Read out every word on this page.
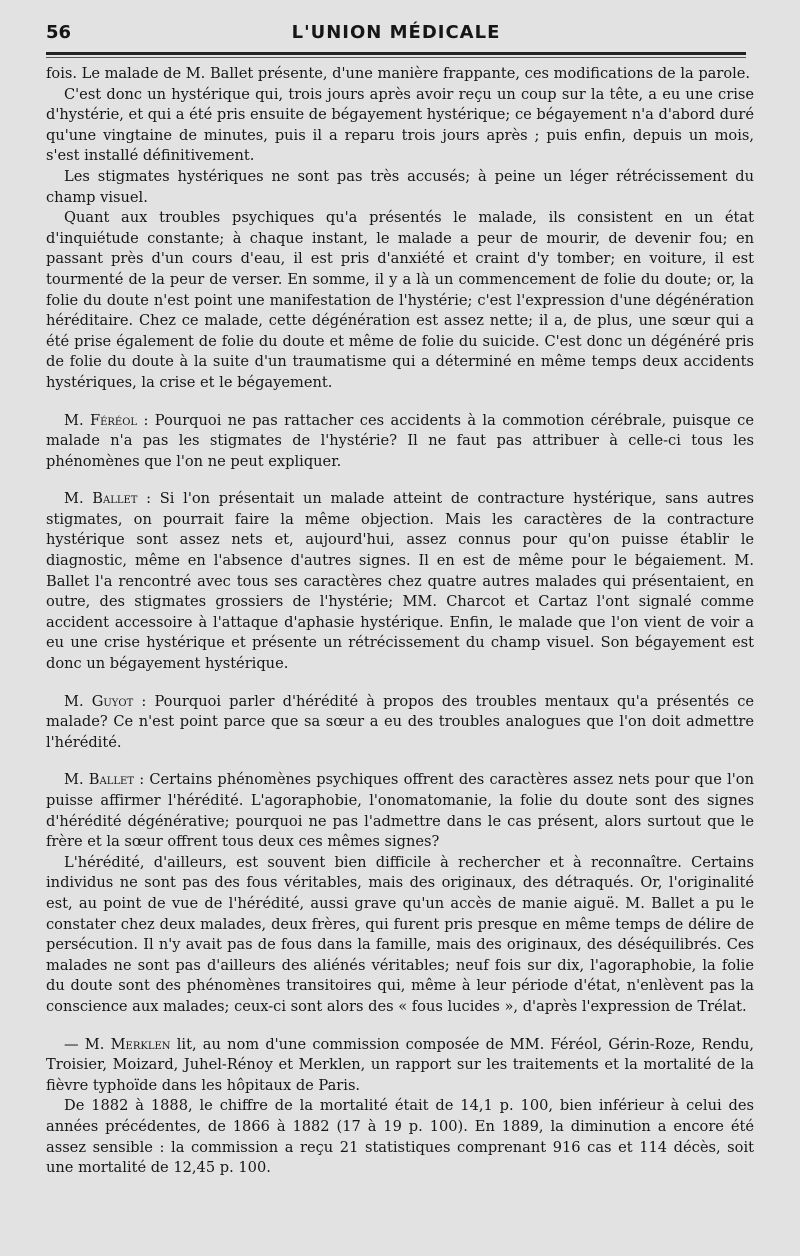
56	L'UNION MÉDICALE

fois. Le malade de M. Ballet présente, d'une manière frappante, ces modifications de la parole.

C'est donc un hystérique qui, trois jours après avoir reçu un coup sur la tête, a eu une crise d'hystérie, et qui a été pris ensuite de bégayement hystérique; ce bégayement n'a d'abord duré qu'une vingtaine de minutes, puis il a reparu trois jours après ; puis enfin, depuis un mois, s'est installé définitivement.

Les stigmates hystériques ne sont pas très accusés; à peine un léger rétrécissement du champ visuel.

Quant aux troubles psychiques qu'a présentés le malade, ils consistent en un état d'inquiétude constante; à chaque instant, le malade a peur de mourir, de devenir fou; en passant près d'un cours d'eau, il est pris d'anxiété et craint d'y tomber; en voiture, il est tourmenté de la peur de verser. En somme, il y a là un commencement de folie du doute; or, la folie du doute n'est point une manifestation de l'hystérie; c'est l'expression d'une dégénération héréditaire. Chez ce malade, cette dégénération est assez nette; il a, de plus, une sœur qui a été prise également de folie du doute et même de folie du suicide. C'est donc un dégénéré pris de folie du doute à la suite d'un traumatisme qui a déterminé en même temps deux accidents hystériques, la crise et le bégayement.

M. Féréol : Pourquoi ne pas rattacher ces accidents à la commotion cérébrale, puisque ce malade n'a pas les stigmates de l'hystérie? Il ne faut pas attribuer à celle-ci tous les phénomènes que l'on ne peut expliquer.

M. Ballet : Si l'on présentait un malade atteint de contracture hystérique, sans autres stigmates, on pourrait faire la même objection. Mais les caractères de la contracture hystérique sont assez nets et, aujourd'hui, assez connus pour qu'on puisse établir le diagnostic, même en l'absence d'autres signes. Il en est de même pour le bégaiement. M. Ballet l'a rencontré avec tous ses caractères chez quatre autres malades qui présentaient, en outre, des stigmates grossiers de l'hystérie; MM. Charcot et Cartaz l'ont signalé comme accident accessoire à l'attaque d'aphasie hystérique. Enfin, le malade que l'on vient de voir a eu une crise hystérique et présente un rétrécissement du champ visuel. Son bégayement est donc un bégayement hystérique.

M. Guyot : Pourquoi parler d'hérédité à propos des troubles mentaux qu'a présentés ce malade? Ce n'est point parce que sa sœur a eu des troubles analogues que l'on doit admettre l'hérédité.

M. Ballet : Certains phénomènes psychiques offrent des caractères assez nets pour que l'on puisse affirmer l'hérédité. L'agoraphobie, l'onomatomanie, la folie du doute sont des signes d'hérédité dégénérative; pourquoi ne pas l'admettre dans le cas présent, alors surtout que le frère et la sœur offrent tous deux ces mêmes signes?

L'hérédité, d'ailleurs, est souvent bien difficile à rechercher et à reconnaître. Certains individus ne sont pas des fous véritables, mais des originaux, des détraqués. Or, l'originalité est, au point de vue de l'hérédité, aussi grave qu'un accès de manie aiguë. M. Ballet a pu le constater chez deux malades, deux frères, qui furent pris presque en même temps de délire de persécution. Il n'y avait pas de fous dans la famille, mais des originaux, des déséquilibrés. Ces malades ne sont pas d'ailleurs des aliénés véritables; neuf fois sur dix, l'agoraphobie, la folie du doute sont des phénomènes transitoires qui, même à leur période d'état, n'enlèvent pas la conscience aux malades; ceux-ci sont alors des « fous lucides », d'après l'expression de Trélat.

— M. Merklen lit, au nom d'une commission composée de MM. Féréol, Gérin-Roze, Rendu, Troisier, Moizard, Juhel-Rénoy et Merklen, un rapport sur les traitements et la mortalité de la fièvre typhoïde dans les hôpitaux de Paris.

De 1882 à 1888, le chiffre de la mortalité était de 14,1 p. 100, bien inférieur à celui des années précédentes, de 1866 à 1882 (17 à 19 p. 100). En 1889, la diminution a encore été assez sensible : la commission a reçu 21 statistiques comprenant 916 cas et 114 décès, soit une mortalité de 12,45 p. 100.
